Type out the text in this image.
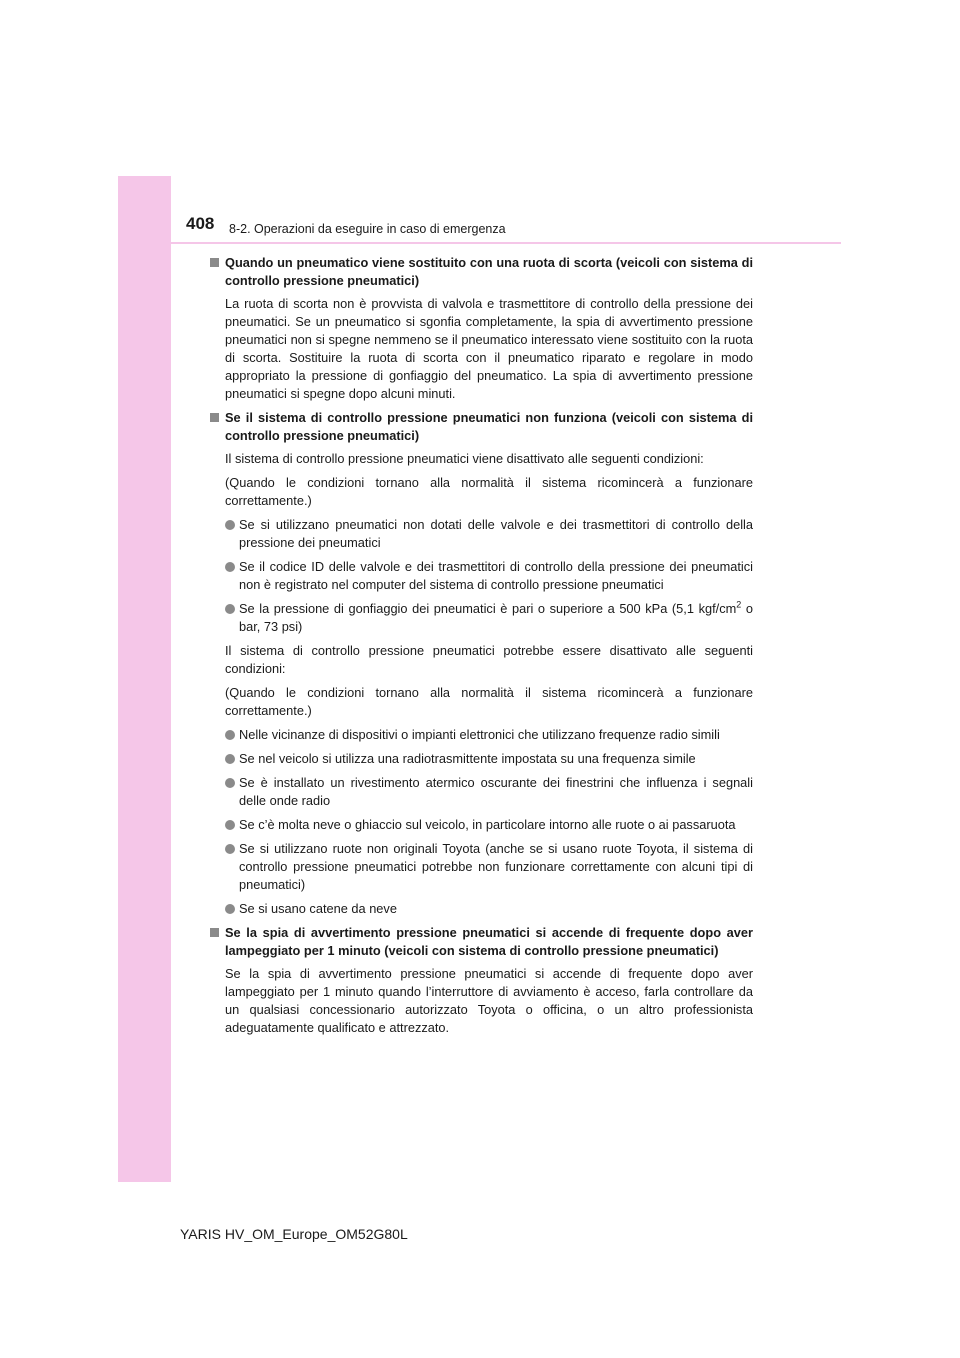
408 8-2. Operazioni da eseguire in caso di emergenza
Quando un pneumatico viene sostituito con una ruota di scorta (veicoli con sistema di controllo pressione pneumatici)
La ruota di scorta non è provvista di valvola e trasmettitore di controllo della pressione dei pneumatici. Se un pneumatico si sgonfia completamente, la spia di avvertimento pressione pneumatici non si spegne nemmeno se il pneumatico interessato viene sostituito con la ruota di scorta. Sostituire la ruota di scorta con il pneumatico riparato e regolare in modo appropriato la pressione di gonfiaggio del pneumatico. La spia di avvertimento pressione pneumatici si spegne dopo alcuni minuti.
Se il sistema di controllo pressione pneumatici non funziona (veicoli con sistema di controllo pressione pneumatici)
Il sistema di controllo pressione pneumatici viene disattivato alle seguenti condizioni:
(Quando le condizioni tornano alla normalità il sistema ricomincerà a funzionare correttamente.)
Se si utilizzano pneumatici non dotati delle valvole e dei trasmettitori di controllo della pressione dei pneumatici
Se il codice ID delle valvole e dei trasmettitori di controllo della pressione dei pneumatici non è registrato nel computer del sistema di controllo pressione pneumatici
Se la pressione di gonfiaggio dei pneumatici è pari o superiore a 500 kPa (5,1 kgf/$cm^2$ o bar, 73 psi)
Il sistema di controllo pressione pneumatici potrebbe essere disattivato alle seguenti condizioni:
(Quando le condizioni tornano alla normalità il sistema ricomincerà a funzionare correttamente.)
Nelle vicinanze di dispositivi o impianti elettronici che utilizzano frequenze radio simili
Se nel veicolo si utilizza una radiotrasmittente impostata su una frequenza simile
Se è installato un rivestimento atermico oscurante dei finestrini che influenza i segnali delle onde radio
Se c’è molta neve o ghiaccio sul veicolo, in particolare intorno alle ruote o ai passaruota
Se si utilizzano ruote non originali Toyota (anche se si usano ruote Toyota, il sistema di controllo pressione pneumatici potrebbe non funzionare correttamente con alcuni tipi di pneumatici)
Se si usano catene da neve
Se la spia di avvertimento pressione pneumatici si accende di frequente dopo aver lampeggiato per 1 minuto (veicoli con sistema di controllo pressione pneumatici)
Se la spia di avvertimento pressione pneumatici si accende di frequente dopo aver lampeggiato per 1 minuto quando l’interruttore di avviamento è acceso, farla controllare da un qualsiasi concessionario autorizzato Toyota o officina, o un altro professionista adeguatamente qualificato e attrezzato.
YARIS HV_OM_Europe_OM52G80L
